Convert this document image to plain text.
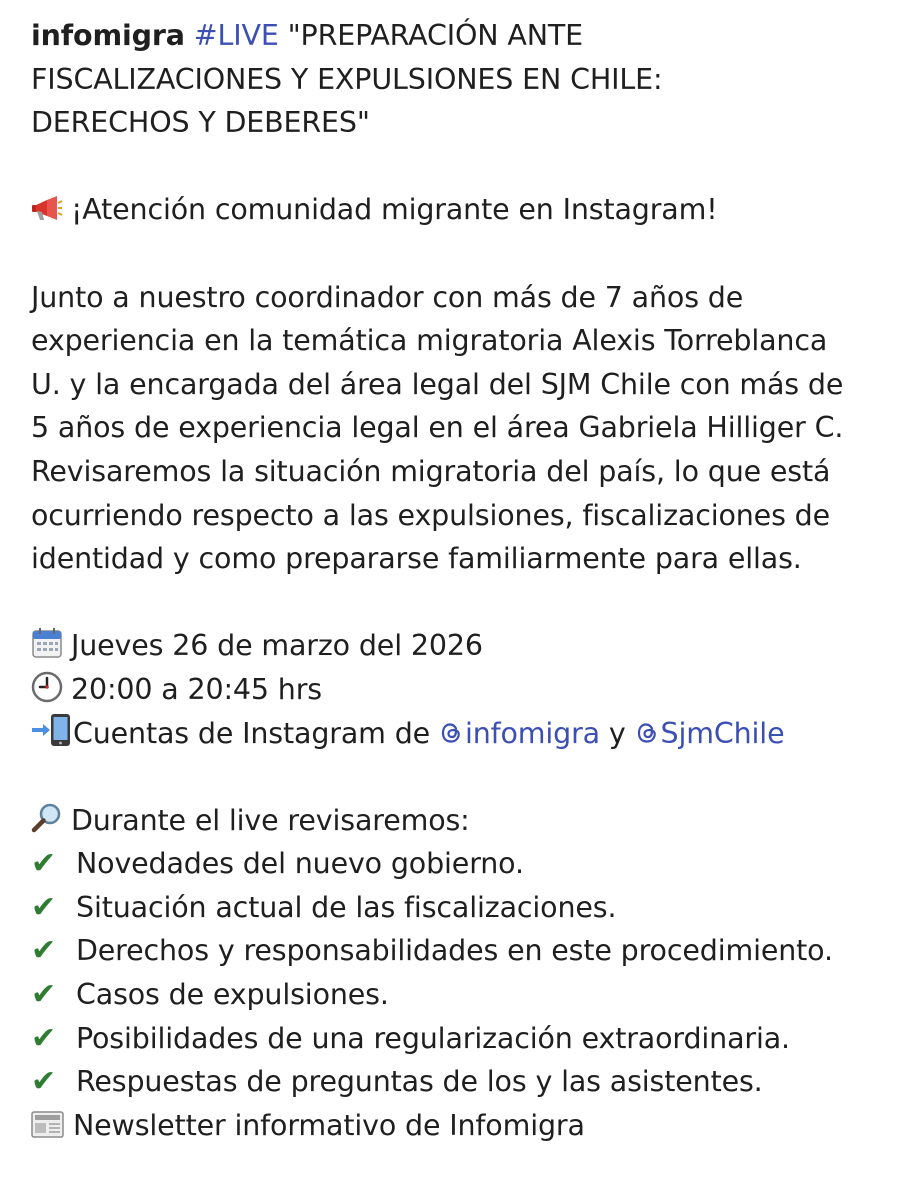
infomigra #LIVE "PREPARACIÓN ANTE
FISCALIZACIONES Y EXPULSIONES EN CHILE:
DERECHOS Y DEBERES"
¡Atención comunidad migrante en Instagram!
Junto a nuestro coordinador con más de 7 años de
experiencia en la temática migratoria Alexis Torreblanca
U. y la encargada del área legal del SJM Chile con más de
5 años de experiencia legal en el área Gabriela Hilliger C.
Revisaremos la situación migratoria del país, lo que está
ocurriendo respecto a las expulsiones, fiscalizaciones de
identidad y como prepararse familiarmente para ellas.
Jueves 26 de marzo del 2026
20:00 a 20:45 hrs
Cuentas de Instagram de infomigra y SjmChile
Durante el live revisaremos:
✔ Novedades del nuevo gobierno.
✔ Situación actual de las fiscalizaciones.
✔ Derechos y responsabilidades en este procedimiento.
✔ Casos de expulsiones.
✔ Posibilidades de una regularización extraordinaria.
✔ Respuestas de preguntas de los y las asistentes.
Newsletter informativo de Infomigra
